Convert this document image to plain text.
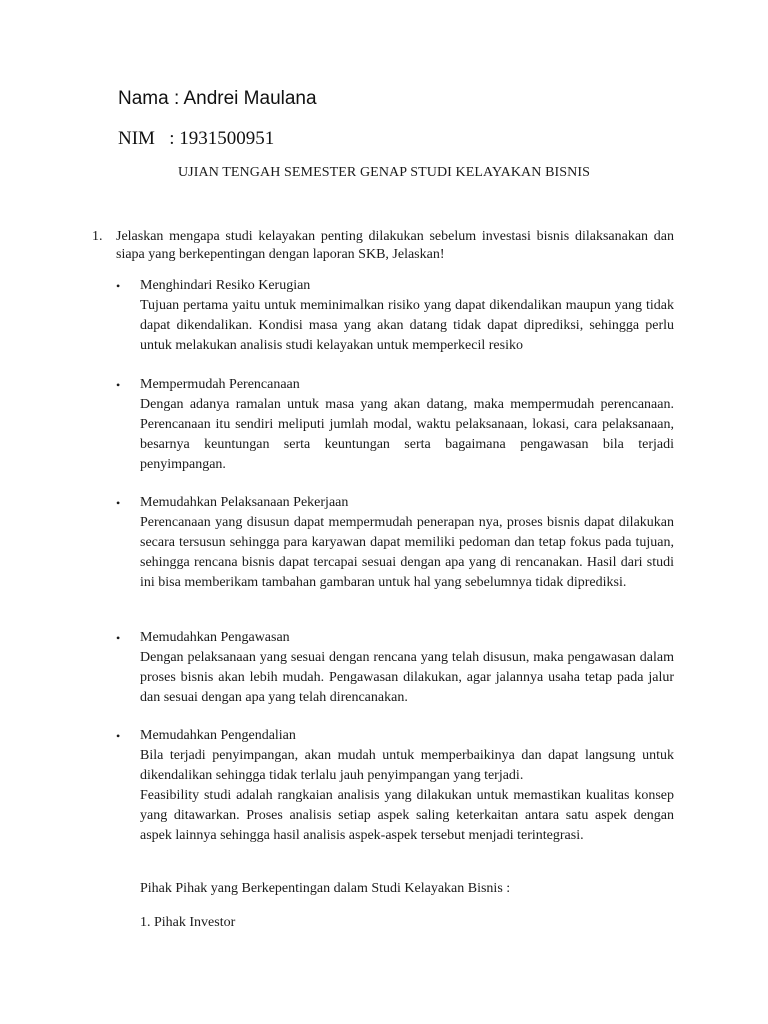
Nama : Andrei Maulana
NIM   : 1931500951
UJIAN TENGAH SEMESTER GENAP STUDI KELAYAKAN BISNIS
1. Jelaskan mengapa studi kelayakan penting dilakukan sebelum investasi bisnis dilaksanakan dan siapa yang berkepentingan dengan laporan SKB, Jelaskan!
• Menghindari Resiko Kerugian

Tujuan pertama yaitu untuk meminimalkan risiko yang dapat dikendalikan maupun yang tidak dapat dikendalikan. Kondisi masa yang akan datang tidak dapat diprediksi, sehingga perlu untuk melakukan analisis studi kelayakan untuk memperkecil resiko

• Mempermudah Perencanaan

Dengan adanya ramalan untuk masa yang akan datang, maka mempermudah perencanaan. Perencanaan itu sendiri meliputi jumlah modal, waktu pelaksanaan, lokasi, cara pelaksanaan, besarnya keuntungan serta keuntungan serta bagaimana pengawasan bila terjadi penyimpangan.

• Memudahkan Pelaksanaan Pekerjaan

Perencanaan yang disusun dapat mempermudah penerapan nya, proses bisnis dapat dilakukan secara tersusun sehingga para karyawan dapat memiliki pedoman dan tetap fokus pada tujuan, sehingga rencana bisnis dapat tercapai sesuai dengan apa yang di rencanakan. Hasil dari studi ini bisa memberikam tambahan gambaran untuk hal yang sebelumnya tidak diprediksi.

• Memudahkan Pengawasan

Dengan pelaksanaan yang sesuai dengan rencana yang telah disusun, maka pengawasan dalam proses bisnis akan lebih mudah. Pengawasan dilakukan, agar jalannya usaha tetap pada jalur dan sesuai dengan apa yang telah direncanakan.

• Memudahkan Pengendalian

Bila terjadi penyimpangan, akan mudah untuk memperbaikinya dan dapat langsung untuk dikendalikan sehingga tidak terlalu jauh penyimpangan yang terjadi.

Feasibility studi adalah rangkaian analisis yang dilakukan untuk memastikan kualitas konsep yang ditawarkan. Proses analisis setiap aspek saling keterkaitan antara satu aspek dengan aspek lainnya sehingga hasil analisis aspek-aspek tersebut menjadi terintegrasi.

Pihak Pihak yang Berkepentingan dalam Studi Kelayakan Bisnis :
1. Pihak Investor
